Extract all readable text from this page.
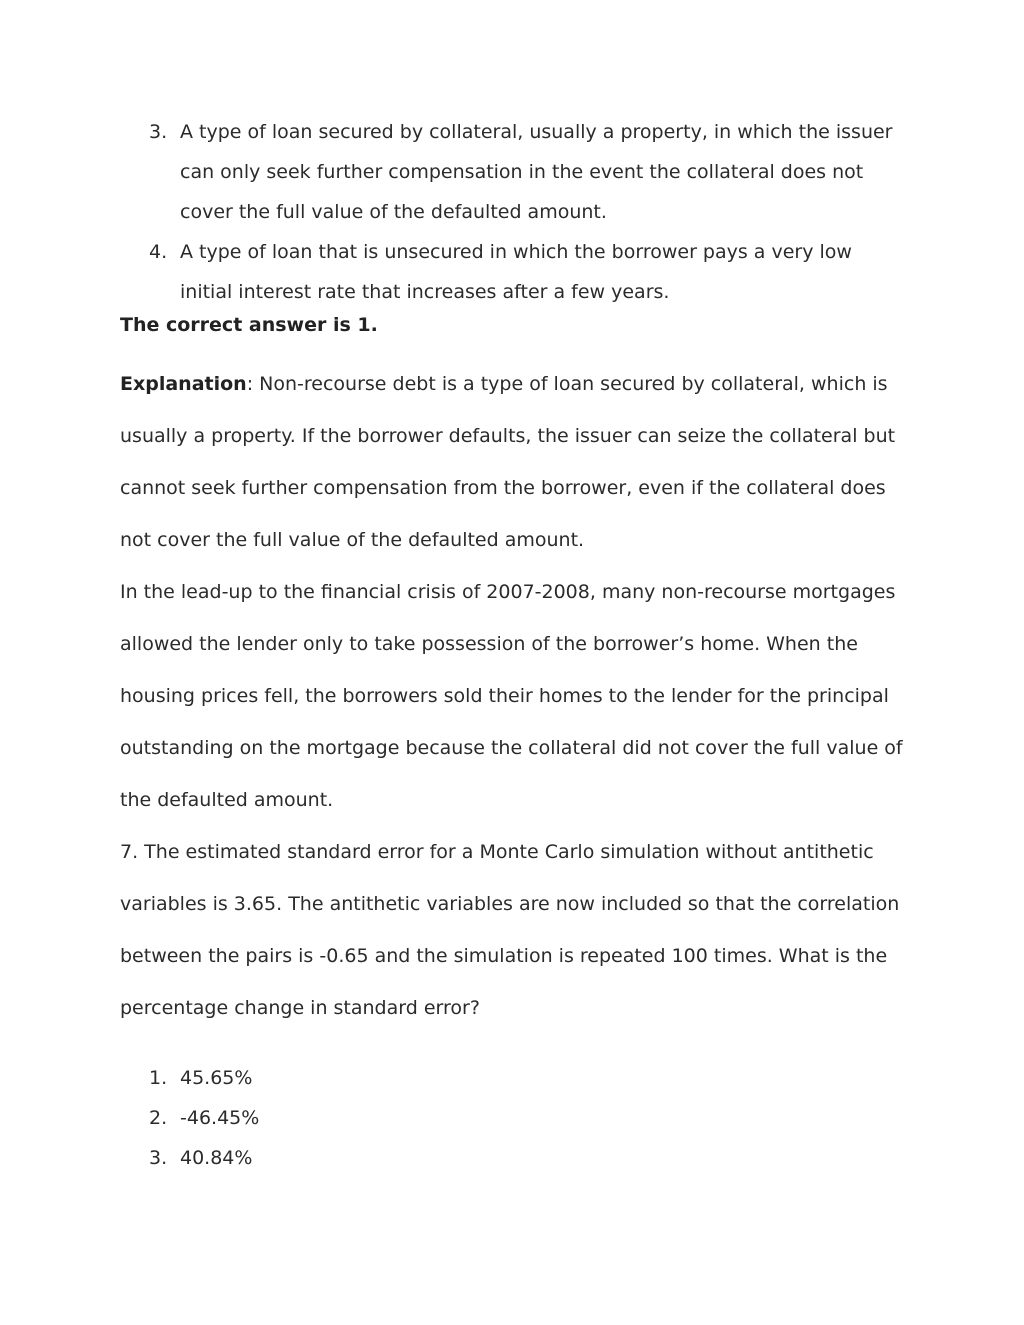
3. A type of loan secured by collateral, usually a property, in which the issuer can only seek further compensation in the event the collateral does not cover the full value of the defaulted amount.
4. A type of loan that is unsecured in which the borrower pays a very low initial interest rate that increases after a few years.
The correct answer is 1.
Explanation: Non-recourse debt is a type of loan secured by collateral, which is usually a property. If the borrower defaults, the issuer can seize the collateral but cannot seek further compensation from the borrower, even if the collateral does not cover the full value of the defaulted amount.
In the lead-up to the financial crisis of 2007-2008, many non-recourse mortgages allowed the lender only to take possession of the borrower’s home. When the housing prices fell, the borrowers sold their homes to the lender for the principal outstanding on the mortgage because the collateral did not cover the full value of the defaulted amount.
7. The estimated standard error for a Monte Carlo simulation without antithetic variables is 3.65. The antithetic variables are now included so that the correlation between the pairs is -0.65 and the simulation is repeated 100 times. What is the percentage change in standard error?
1. 45.65%
2. -46.45%
3. 40.84%
